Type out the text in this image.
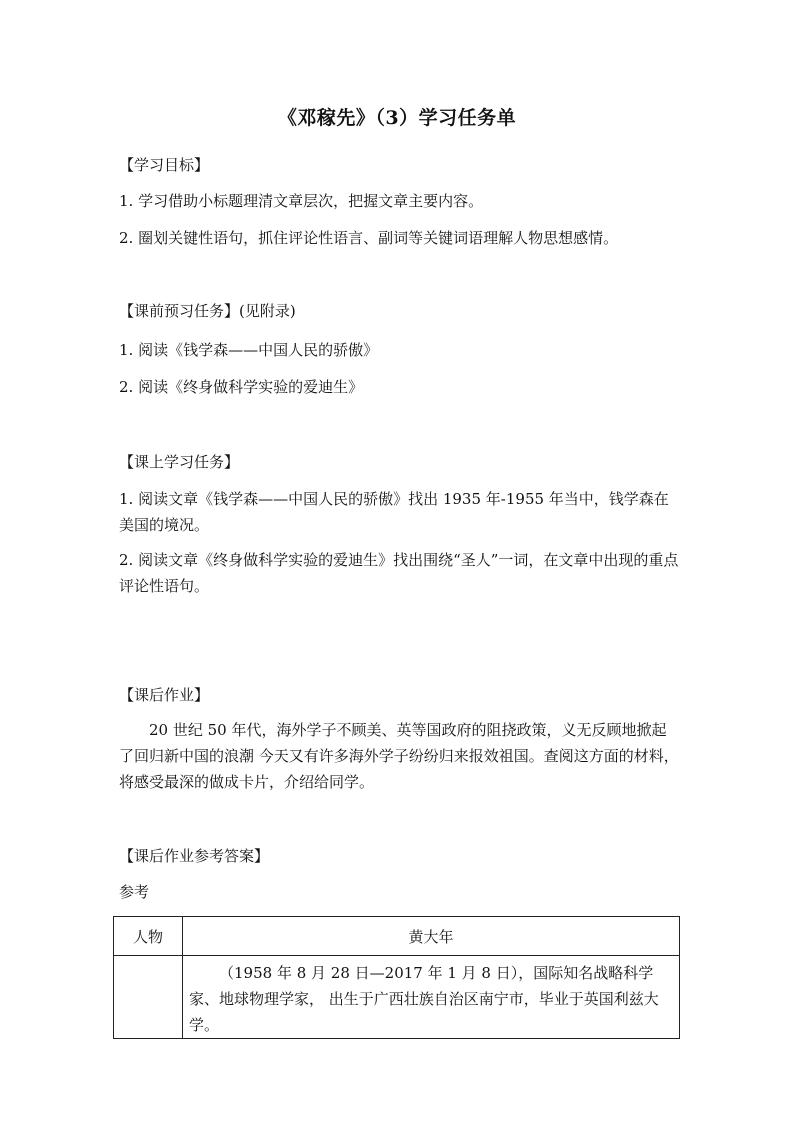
《邓稼先》（3）学习任务单
【学习目标】
1. 学习借助小标题理清文章层次，把握文章主要内容。
2. 圈划关键性语句，抓住评论性语言、副词等关键词语理解人物思想感情。
【课前预习任务】(见附录)
1. 阅读《钱学森——中国人民的骄傲》
2. 阅读《终身做科学实验的爱迪生》
【课上学习任务】
1. 阅读文章《钱学森——中国人民的骄傲》找出 1935 年-1955 年当中，钱学森在美国的境况。
2. 阅读文章《终身做科学实验的爱迪生》找出围绕“圣人”一词，在文章中出现的重点评论性语句。
【课后作业】
20 世纪 50 年代，海外学子不顾美、英等国政府的阻挠政策，义无反顾地掀起了回归新中国的浪潮 今天又有许多海外学子纷纷归来报效祖国。查阅这方面的材料，将感受最深的做成卡片，介绍给同学。
【课后作业参考答案】
参考
人物	黄大年
	（1958 年 8 月 28 日—2017 年 1 月 8 日），国际知名战略科学家、地球物理学家， 出生于广西壮族自治区南宁市，毕业于英国利兹大学。
